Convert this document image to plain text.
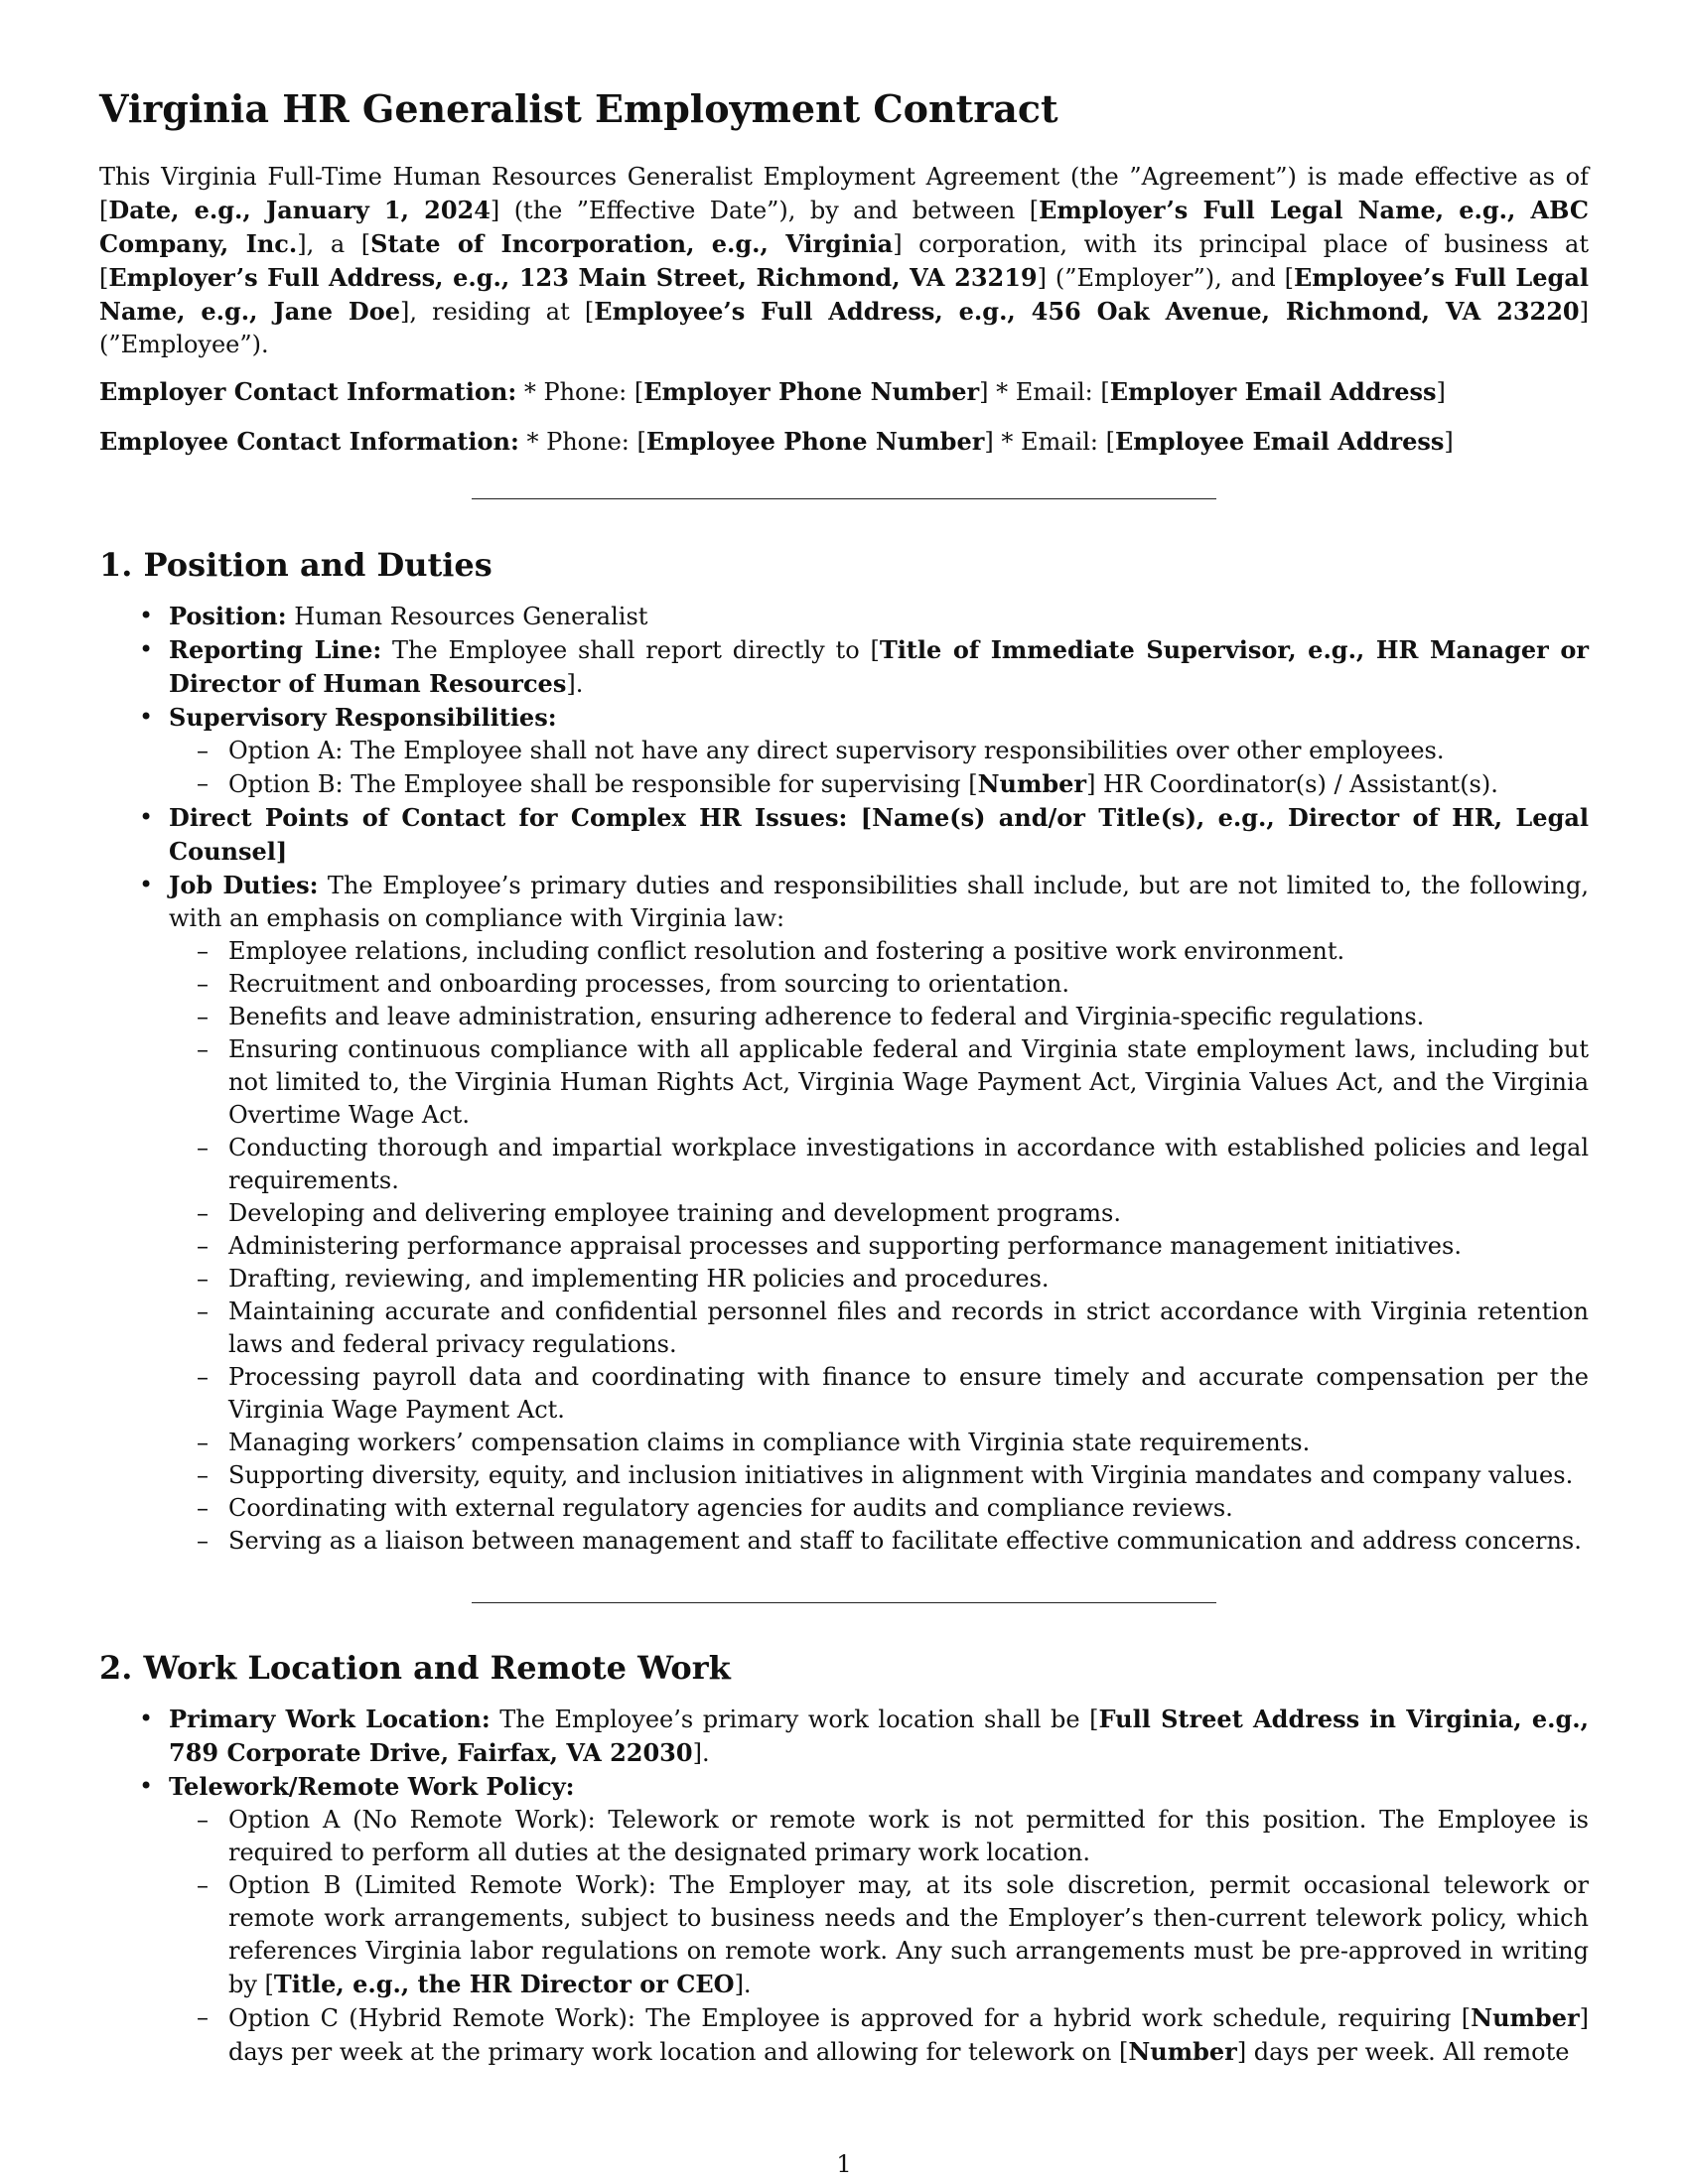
Virginia HR Generalist Employment Contract

This Virginia Full-Time Human Resources Generalist Employment Agreement (the ”Agreement”) is made effective as of [Date, e.g., January 1, 2024] (the ”Effective Date”), by and between [Employer’s Full Legal Name, e.g., ABC Company, Inc.], a [State of Incorporation, e.g., Virginia] corporation, with its principal place of business at [Employer’s Full Address, e.g., 123 Main Street, Richmond, VA 23219] (”Employer”), and [Employee’s Full Legal Name, e.g., Jane Doe], residing at [Employee’s Full Address, e.g., 456 Oak Avenue, Richmond, VA 23220] (”Employee”).

Employer Contact Information: * Phone: [Employer Phone Number] * Email: [Employer Email Address]

Employee Contact Information: * Phone: [Employee Phone Number] * Email: [Employee Email Address]

1. Position and Duties
• Position: Human Resources Generalist
• Reporting Line: The Employee shall report directly to [Title of Immediate Supervisor, e.g., HR Manager or Director of Human Resources].
• Supervisory Responsibilities:
– Option A: The Employee shall not have any direct supervisory responsibilities over other employees.
– Option B: The Employee shall be responsible for supervising [Number] HR Coordinator(s) / Assistant(s).
• Direct Points of Contact for Complex HR Issues: [Name(s) and/or Title(s), e.g., Director of HR, Legal Counsel]
• Job Duties: The Employee’s primary duties and responsibilities shall include, but are not limited to, the following, with an emphasis on compliance with Virginia law:
– Employee relations, including conflict resolution and fostering a positive work environment.
– Recruitment and onboarding processes, from sourcing to orientation.
– Benefits and leave administration, ensuring adherence to federal and Virginia-specific regulations.
– Ensuring continuous compliance with all applicable federal and Virginia state employment laws, including but not limited to, the Virginia Human Rights Act, Virginia Wage Payment Act, Virginia Values Act, and the Virginia Overtime Wage Act.
– Conducting thorough and impartial workplace investigations in accordance with established policies and legal requirements.
– Developing and delivering employee training and development programs.
– Administering performance appraisal processes and supporting performance management initiatives.
– Drafting, reviewing, and implementing HR policies and procedures.
– Maintaining accurate and confidential personnel files and records in strict accordance with Virginia retention laws and federal privacy regulations.
– Processing payroll data and coordinating with finance to ensure timely and accurate compensation per the Virginia Wage Payment Act.
– Managing workers’ compensation claims in compliance with Virginia state requirements.
– Supporting diversity, equity, and inclusion initiatives in alignment with Virginia mandates and company values.
– Coordinating with external regulatory agencies for audits and compliance reviews.
– Serving as a liaison between management and staff to facilitate effective communication and address concerns.
2. Work Location and Remote Work
• Primary Work Location: The Employee’s primary work location shall be [Full Street Address in Virginia, e.g., 789 Corporate Drive, Fairfax, VA 22030].
• Telework/Remote Work Policy:
– Option A (No Remote Work): Telework or remote work is not permitted for this position. The Employee is required to perform all duties at the designated primary work location.
– Option B (Limited Remote Work): The Employer may, at its sole discretion, permit occasional telework or remote work arrangements, subject to business needs and the Employer’s then-current telework policy, which references Virginia labor regulations on remote work. Any such arrangements must be pre-approved in writing by [Title, e.g., the HR Director or CEO].
– Option C (Hybrid Remote Work): The Employee is approved for a hybrid work schedule, requiring [Number] days per week at the primary work location and allowing for telework on [Number] days per week. All remote
1
